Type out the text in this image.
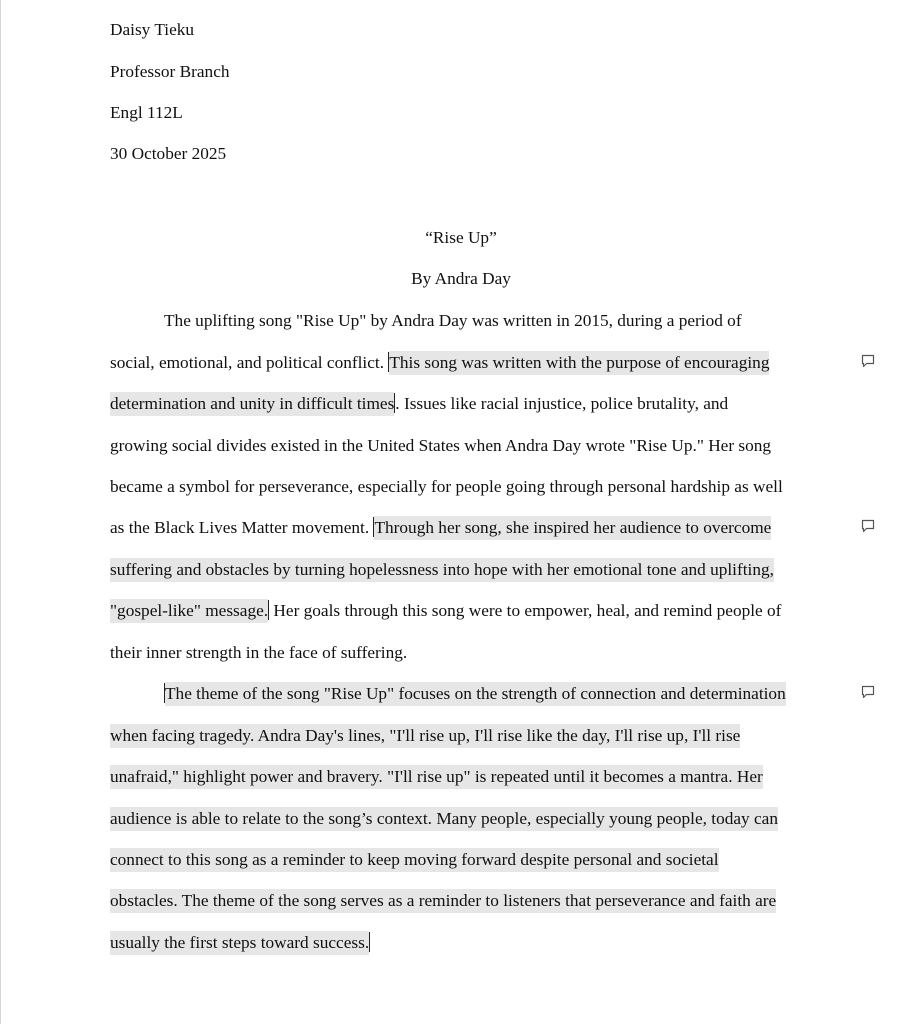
Daisy Tieku
Professor Branch
Engl 112L
30 October 2025
“Rise Up”
By Andra Day
The uplifting song "Rise Up" by Andra Day was written in 2015, during a period of
social, emotional, and political conflict. This song was written with the purpose of encouraging
determination and unity in difficult times. Issues like racial injustice, police brutality, and
growing social divides existed in the United States when Andra Day wrote "Rise Up." Her song
became a symbol for perseverance, especially for people going through personal hardship as well
as the Black Lives Matter movement. Through her song, she inspired her audience to overcome
suffering and obstacles by turning hopelessness into hope with her emotional tone and uplifting,
"gospel-like" message. Her goals through this song were to empower, heal, and remind people of
their inner strength in the face of suffering.
The theme of the song "Rise Up" focuses on the strength of connection and determination
when facing tragedy. Andra Day's lines, "I'll rise up, I'll rise like the day, I'll rise up, I'll rise
unafraid," highlight power and bravery. "I'll rise up" is repeated until it becomes a mantra. Her
audience is able to relate to the song’s context. Many people, especially young people, today can
connect to this song as a reminder to keep moving forward despite personal and societal
obstacles. The theme of the song serves as a reminder to listeners that perseverance and faith are
usually the first steps toward success.
